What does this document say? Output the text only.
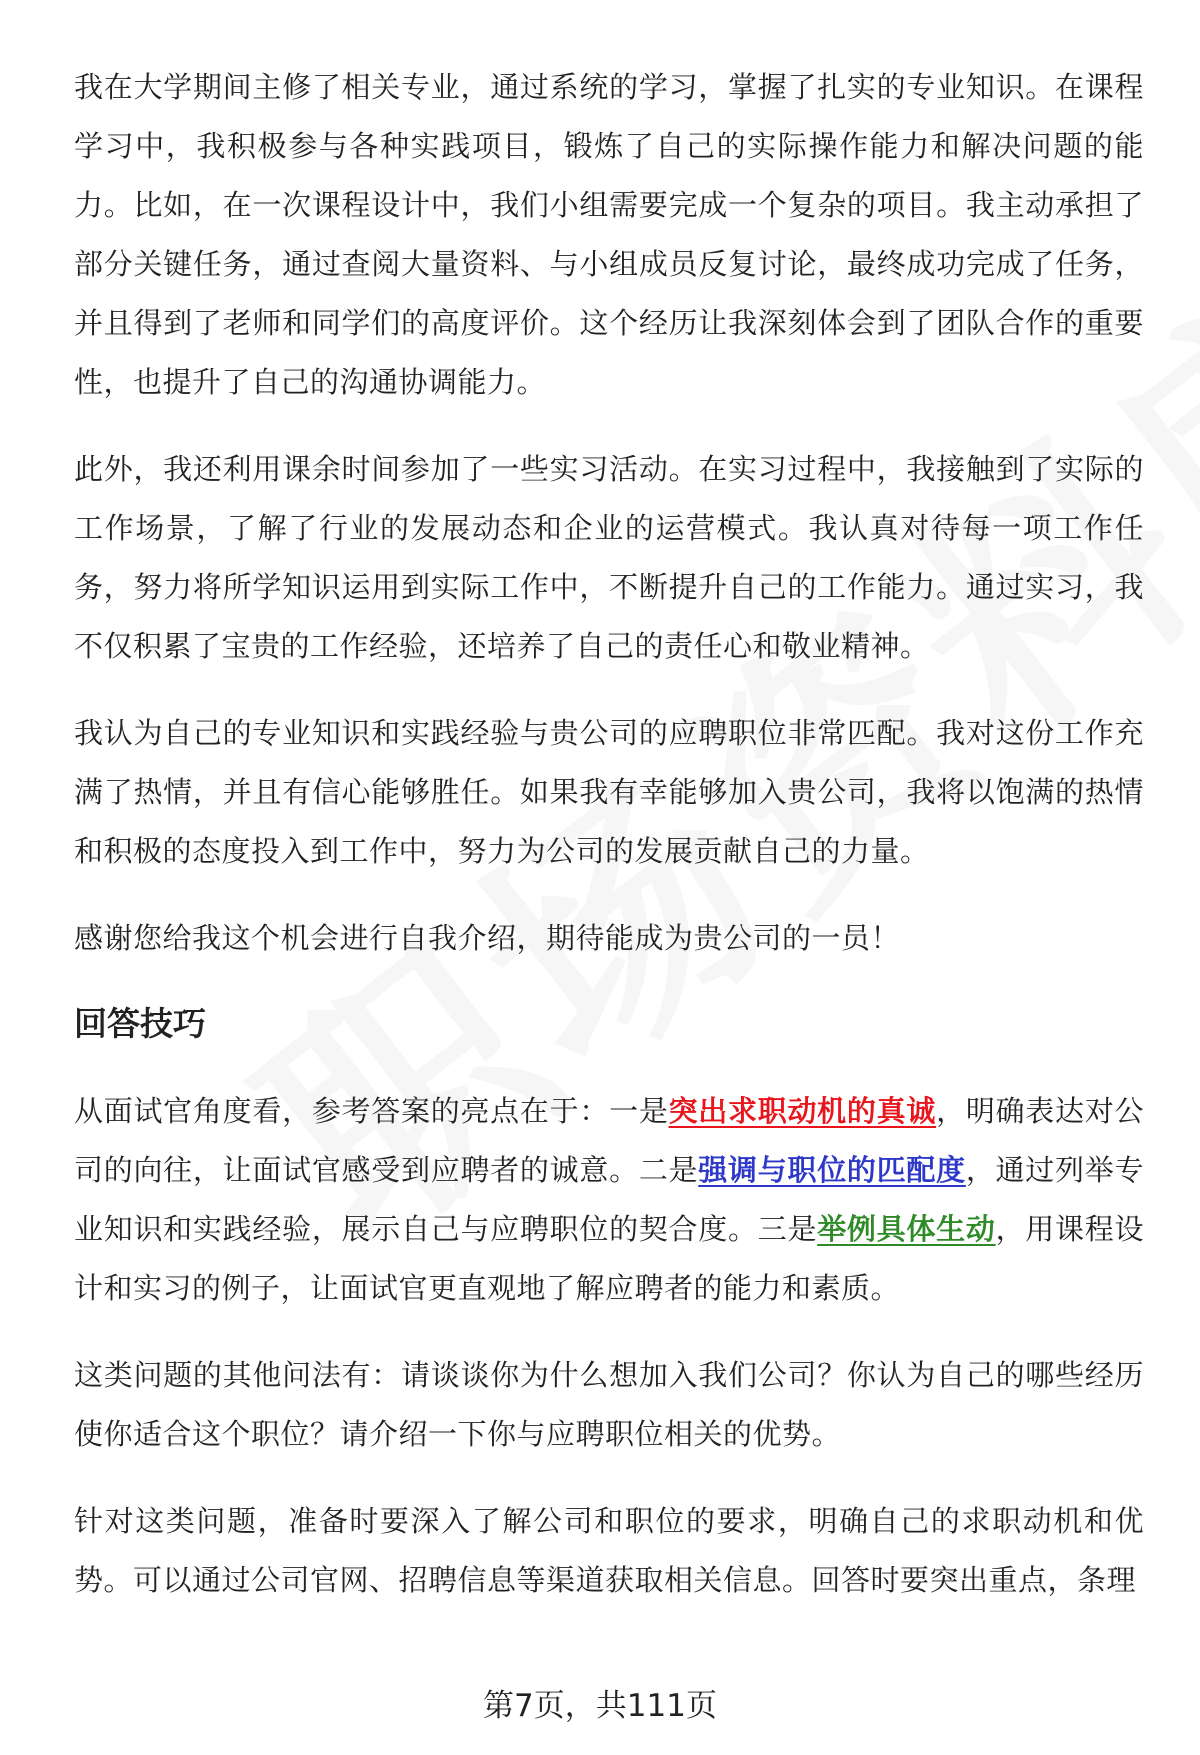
我在大学期间主修了相关专业，通过系统的学习，掌握了扎实的专业知识。在课程学习中，我积极参与各种实践项目，锻炼了自己的实际操作能力和解决问题的能力。比如，在一次课程设计中，我们小组需要完成一个复杂的项目。我主动承担了部分关键任务，通过查阅大量资料、与小组成员反复讨论，最终成功完成了任务，并且得到了老师和同学们的高度评价。这个经历让我深刻体会到了团队合作的重要性，也提升了自己的沟通协调能力。

此外，我还利用课余时间参加了一些实习活动。在实习过程中，我接触到了实际的工作场景，了解了行业的发展动态和企业的运营模式。我认真对待每一项工作任务，努力将所学知识运用到实际工作中，不断提升自己的工作能力。通过实习，我不仅积累了宝贵的工作经验，还培养了自己的责任心和敬业精神。

我认为自己的专业知识和实践经验与贵公司的应聘职位非常匹配。我对这份工作充满了热情，并且有信心能够胜任。如果我有幸能够加入贵公司，我将以饱满的热情和积极的态度投入到工作中，努力为公司的发展贡献自己的力量。

感谢您给我这个机会进行自我介绍，期待能成为贵公司的一员！

回答技巧

从面试官角度看，参考答案的亮点在于：一是突出求职动机的真诚，明确表达对公司的向往，让面试官感受到应聘者的诚意。二是强调与职位的匹配度，通过列举专业知识和实践经验，展示自己与应聘职位的契合度。三是举例具体生动，用课程设计和实习的例子，让面试官更直观地了解应聘者的能力和素质。

这类问题的其他问法有：请谈谈你为什么想加入我们公司？你认为自己的哪些经历使你适合这个职位？请介绍一下你与应聘职位相关的优势。

针对这类问题，准备时要深入了解公司和职位的要求，明确自己的求职动机和优势。可以通过公司官网、招聘信息等渠道获取相关信息。回答时要突出重点，条理

第7页，共111页
